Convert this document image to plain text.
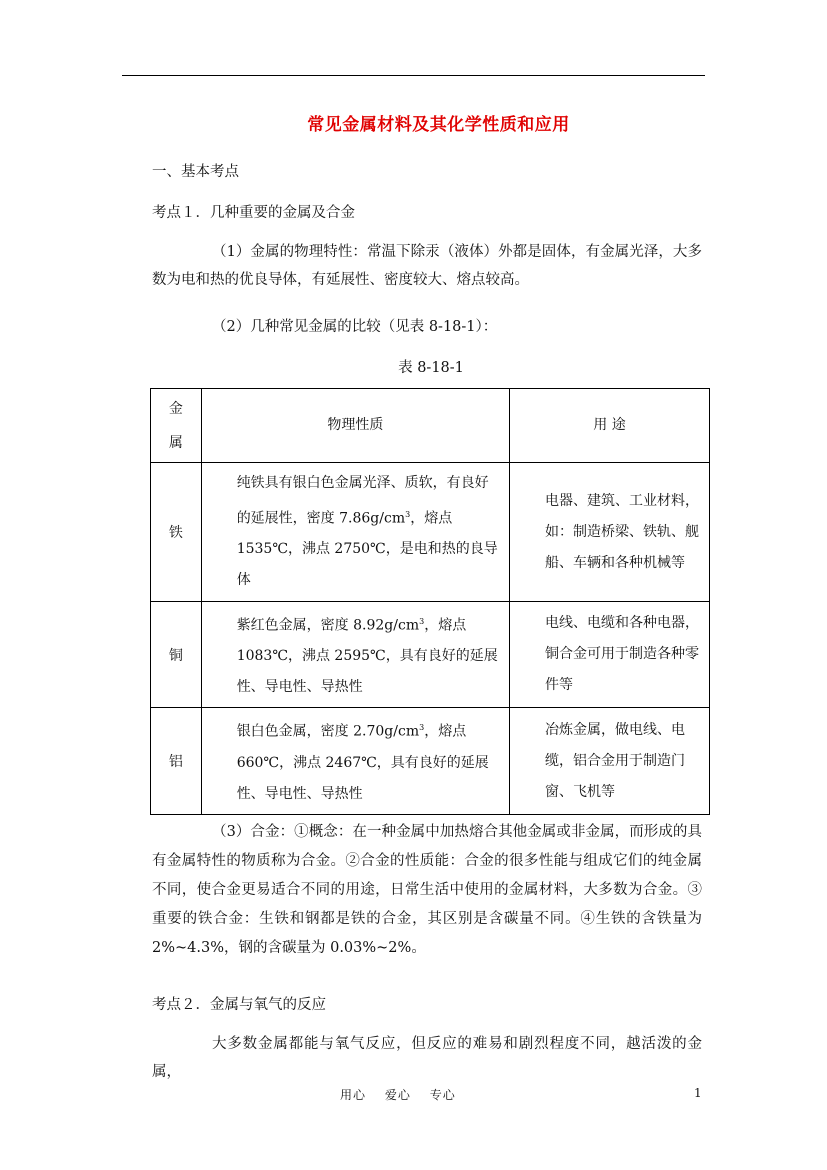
常见金属材料及其化学性质和应用
一、基本考点
考点１．几种重要的金属及合金
（1）金属的物理特性：常温下除汞（液体）外都是固体，有金属光泽，大多数为电和热的优良导体，有延展性、密度较大、熔点较高。
（2）几种常见金属的比较（见表 8-18-1）：
表 8-18-1
金
属	物理性质	用 途
铁	纯铁具有银白色金属光泽、质软，有良好的延展性，密度 $7.86g/cm^3$，熔点 1535℃，沸点 2750℃，是电和热的良导体	电器、建筑、工业材料，如：制造桥梁、铁轨、舰船、车辆和各种机械等
铜	紫红色金属，密度 $8.92g/cm^3$，熔点 1083℃，沸点 2595℃，具有良好的延展性、导电性、导热性	电线、电缆和各种电器，铜合金可用于制造各种零件等
铝	银白色金属，密度 $2.70g/cm^3$，熔点 660℃，沸点 2467℃，具有良好的延展性、导电性、导热性	冶炼金属，做电线、电缆，铝合金用于制造门窗、飞机等
（3）合金：①概念：在一种金属中加热熔合其他金属或非金属，而形成的具有金属特性的物质称为合金。②合金的性质能：合金的很多性能与组成它们的纯金属不同，使合金更易适合不同的用途，日常生活中使用的金属材料，大多数为合金。③重要的铁合金：生铁和钢都是铁的合金，其区别是含碳量不同。④生铁的含铁量为 2%~4.3%，钢的含碳量为 0.03%~2%。
考点２．金属与氧气的反应
大多数金属都能与氧气反应，但反应的难易和剧烈程度不同，越活泼的金属，
用心 爱心 专心	1
